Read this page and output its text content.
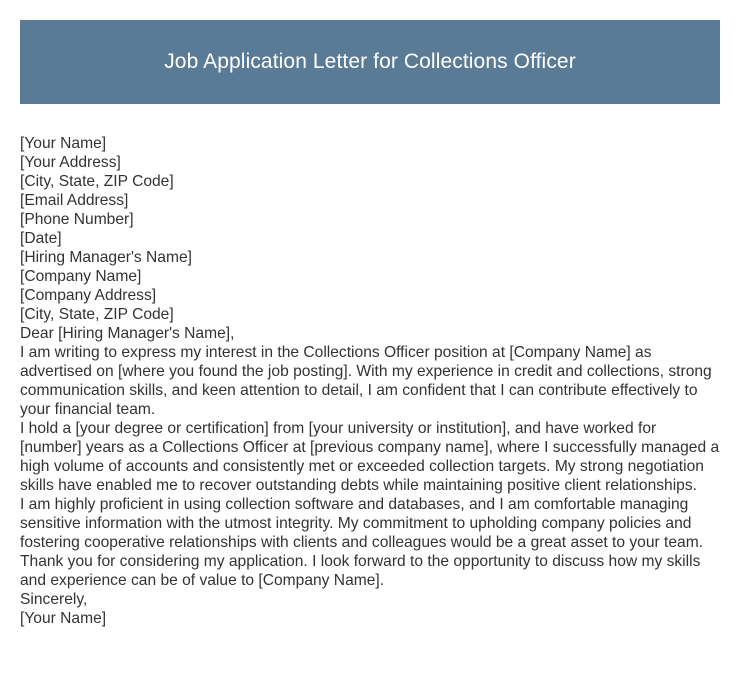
Job Application Letter for Collections Officer
[Your Name]
[Your Address]
[City, State, ZIP Code]
[Email Address]
[Phone Number]
[Date]
[Hiring Manager's Name]
[Company Name]
[Company Address]
[City, State, ZIP Code]
Dear [Hiring Manager's Name],

I am writing to express my interest in the Collections Officer position at [Company Name] as advertised on [where you found the job posting]. With my experience in credit and collections, strong communication skills, and keen attention to detail, I am confident that I can contribute effectively to your financial team.

I hold a [your degree or certification] from [your university or institution], and have worked for [number] years as a Collections Officer at [previous company name], where I successfully managed a high volume of accounts and consistently met or exceeded collection targets. My strong negotiation skills have enabled me to recover outstanding debts while maintaining positive client relationships.

I am highly proficient in using collection software and databases, and I am comfortable managing sensitive information with the utmost integrity. My commitment to upholding company policies and fostering cooperative relationships with clients and colleagues would be a great asset to your team.

Thank you for considering my application. I look forward to the opportunity to discuss how my skills and experience can be of value to [Company Name].

Sincerely,
[Your Name]
